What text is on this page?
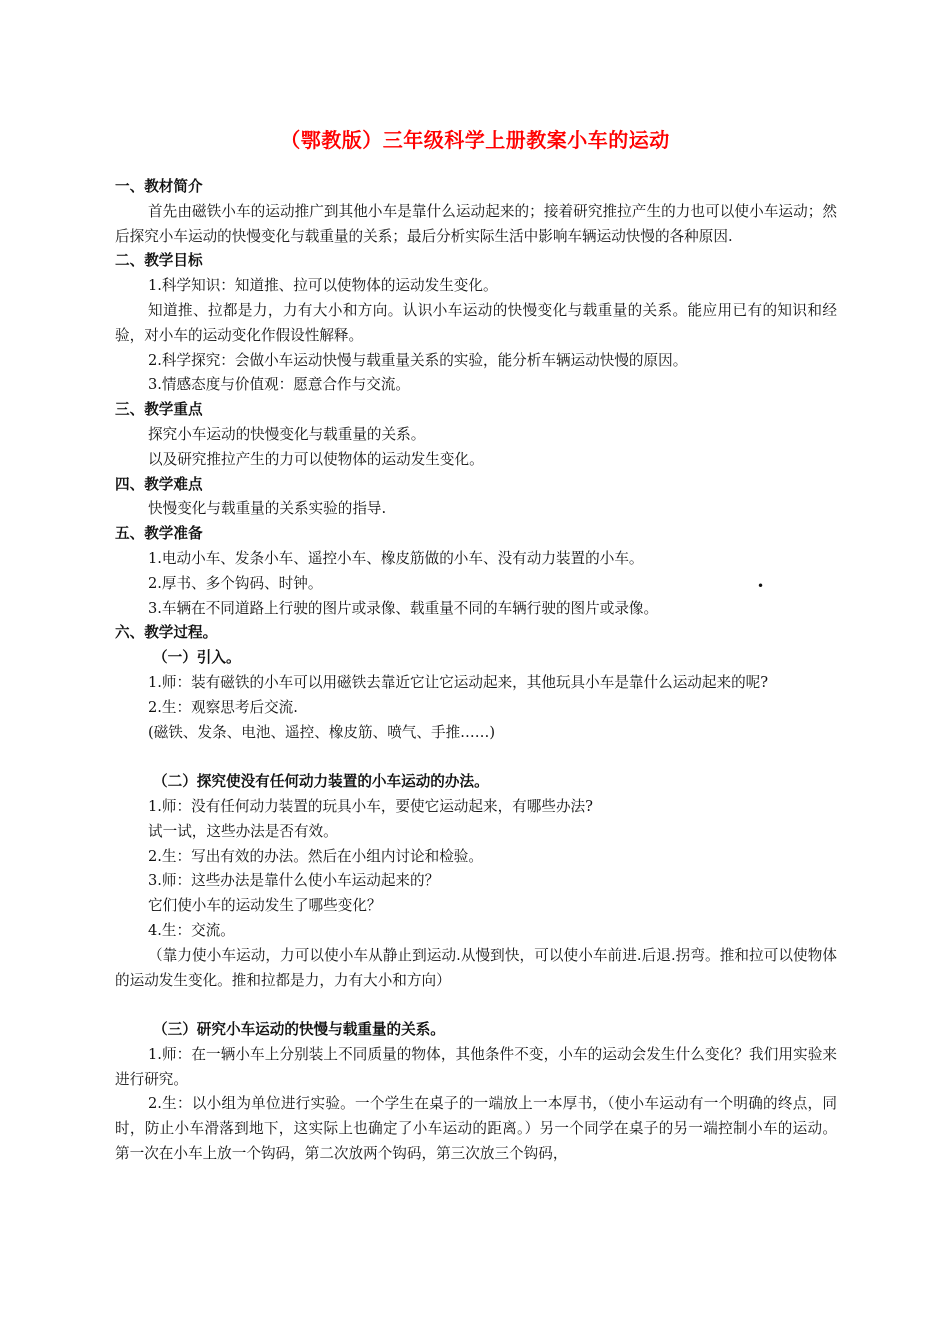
（鄂教版）三年级科学上册教案小车的运动

一、教材简介

首先由磁铁小车的运动推广到其他小车是靠什么运动起来的；接着研究推拉产生的力也可以使小车运动；然后探究小车运动的快慢变化与载重量的关系；最后分析实际生活中影响车辆运动快慢的各种原因.

二、教学目标

1.科学知识：知道推、拉可以使物体的运动发生变化。

知道推、拉都是力，力有大小和方向。认识小车运动的快慢变化与载重量的关系。能应用已有的知识和经验，对小车的运动变化作假设性解释。

2.科学探究：会做小车运动快慢与载重量关系的实验，能分析车辆运动快慢的原因。

3.情感态度与价值观：愿意合作与交流。

三、教学重点

探究小车运动的快慢变化与载重量的关系。

以及研究推拉产生的力可以使物体的运动发生变化。

四、教学难点

快慢变化与载重量的关系实验的指导.

五、教学准备

1.电动小车、发条小车、遥控小车、橡皮筋做的小车、没有动力装置的小车。

2.厚书、多个钩码、时钟。

3.车辆在不同道路上行驶的图片或录像、载重量不同的车辆行驶的图片或录像。

六、教学过程。

（一）引入。

1.师：装有磁铁的小车可以用磁铁去靠近它让它运动起来，其他玩具小车是靠什么运动起来的呢?

2.生：观察思考后交流.

(磁铁、发条、电池、遥控、橡皮筋、喷气、手推……)

（二）探究使没有任何动力装置的小车运动的办法。

1.师：没有任何动力装置的玩具小车，要使它运动起来，有哪些办法?

试一试，这些办法是否有效。

2.生：写出有效的办法。然后在小组内讨论和检验。

3.师：这些办法是靠什么使小车运动起来的？

它们使小车的运动发生了哪些变化？

4.生：交流。

（靠力使小车运动，力可以使小车从静止到运动.从慢到快，可以使小车前进.后退.拐弯。推和拉可以使物体的运动发生变化。推和拉都是力，力有大小和方向）

（三）研究小车运动的快慢与载重量的关系。

1.师：在一辆小车上分别装上不同质量的物体，其他条件不变，小车的运动会发生什么变化？我们用实验来进行研究。

2.生：以小组为单位进行实验。一个学生在桌子的一端放上一本厚书，（使小车运动有一个明确的终点，同时，防止小车滑落到地下，这实际上也确定了小车运动的距离。）另一个同学在桌子的另一端控制小车的运动。第一次在小车上放一个钩码，第二次放两个钩码，第三次放三个钩码，

•
